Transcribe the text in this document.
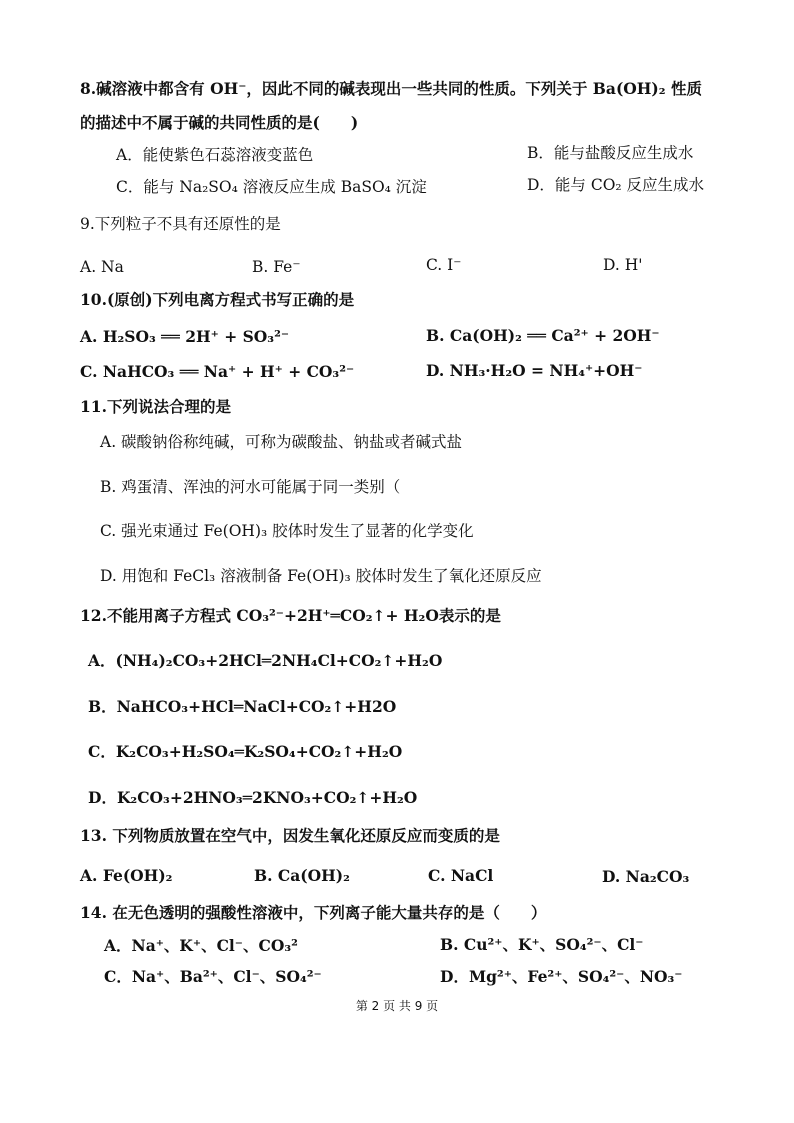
8.碱溶液中都含有 OH⁻，因此不同的碱表现出一些共同的性质。下列关于 Ba(OH)₂ 性质
的描述中不属于碱的共同性质的是(　　)
A．能使紫色石蕊溶液变蓝色	B．能与盐酸反应生成水
C．能与 Na₂SO₄ 溶液反应生成 BaSO₄ 沉淀	D．能与 CO₂ 反应生成水
9.下列粒子不具有还原性的是
A. Na	B. Fe⁻	C. I⁻	D. H'
10.(原创)下列电离方程式书写正确的是
A. H₂SO₃ ══ 2H⁺ + SO₃²⁻	B. Ca(OH)₂ ══ Ca²⁺ + 2OH⁻
C. NaHCO₃ ══ Na⁺ + H⁺ + CO₃²⁻	D. NH₃·H₂O = NH₄⁺+OH⁻
11.下列说法合理的是
A. 碳酸钠俗称纯碱，可称为碳酸盐、钠盐或者碱式盐
B. 鸡蛋清、浑浊的河水可能属于同一类别（
C. 强光束通过 Fe(OH)₃ 胶体时发生了显著的化学变化
D. 用饱和 FeCl₃ 溶液制备 Fe(OH)₃ 胶体时发生了氧化还原反应
12.不能用离子方程式 CO₃²⁻+2H⁺═CO₂↑+ H₂O表示的是
A．(NH₄)₂CO₃+2HCl═2NH₄Cl+CO₂↑+H₂O
B．NaHCO₃+HCl═NaCl+CO₂↑+H2O
C．K₂CO₃+H₂SO₄═K₂SO₄+CO₂↑+H₂O
D．K₂CO₃+2HNO₃═2KNO₃+CO₂↑+H₂O
13. 下列物质放置在空气中，因发生氧化还原反应而变质的是
A. Fe(OH)₂	B. Ca(OH)₂	C. NaCl	D. Na₂CO₃
14. 在无色透明的强酸性溶液中，下列离子能大量共存的是（　　）
A．Na⁺、K⁺、Cl⁻、CO₃²	B. Cu²⁺、K⁺、SO₄²⁻、Cl⁻
C．Na⁺、Ba²⁺、Cl⁻、SO₄²⁻	D．Mg²⁺、Fe²⁺、SO₄²⁻、NO₃⁻
第 2 页 共 9 页
